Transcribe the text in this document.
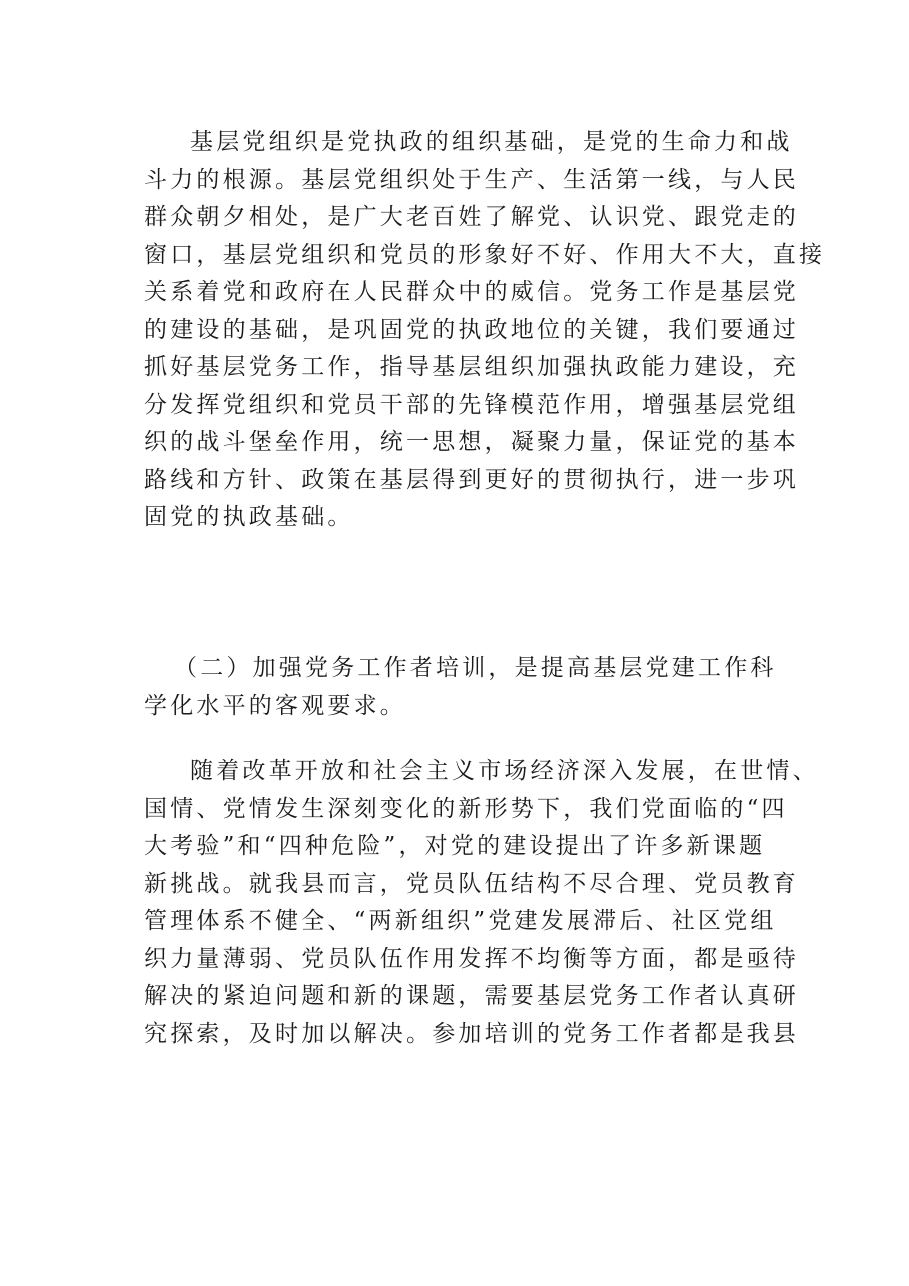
基层党组织是党执政的组织基础，是党的生命力和战
斗力的根源。基层党组织处于生产、生活第一线，与人民
群众朝夕相处，是广大老百姓了解党、认识党、跟党走的
窗口，基层党组织和党员的形象好不好、作用大不大，直接
关系着党和政府在人民群众中的威信。党务工作是基层党
的建设的基础，是巩固党的执政地位的关键，我们要通过
抓好基层党务工作，指导基层组织加强执政能力建设，充
分发挥党组织和党员干部的先锋模范作用，增强基层党组
织的战斗堡垒作用，统一思想，凝聚力量，保证党的基本
路线和方针、政策在基层得到更好的贯彻执行，进一步巩
固党的执政基础。
（二）加强党务工作者培训，是提高基层党建工作科
学化水平的客观要求。
随着改革开放和社会主义市场经济深入发展，在世情、
国情、党情发生深刻变化的新形势下，我们党面临的“四
大考验”和“四种危险”，对党的建设提出了许多新课题
新挑战。就我县而言，党员队伍结构不尽合理、党员教育
管理体系不健全、“两新组织”党建发展滞后、社区党组
织力量薄弱、党员队伍作用发挥不均衡等方面，都是亟待
解决的紧迫问题和新的课题，需要基层党务工作者认真研
究探索，及时加以解决。参加培训的党务工作者都是我县
